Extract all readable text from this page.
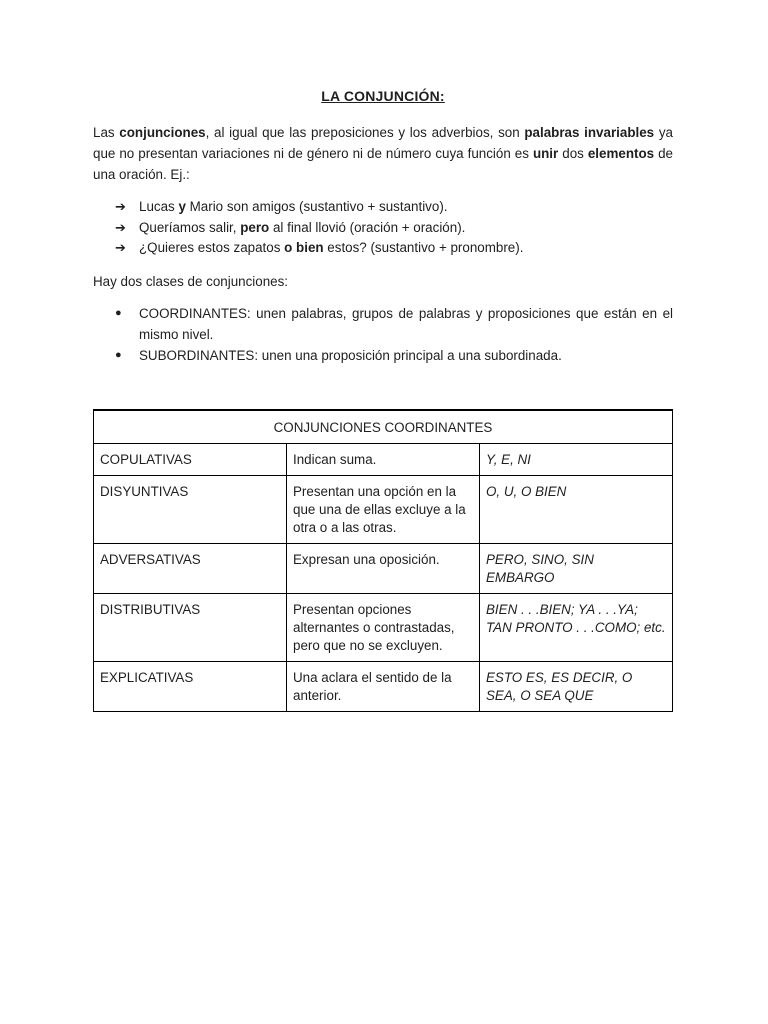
LA CONJUNCIÓN:

Las conjunciones, al igual que las preposiciones y los adverbios, son palabras invariables ya que no presentan variaciones ni de género ni de número cuya función es unir dos elementos de una oración. Ej.:

➔ Lucas y Mario son amigos (sustantivo + sustantivo).
➔ Queríamos salir, pero al final llovió (oración + oración).
➔ ¿Quieres estos zapatos o bien estos? (sustantivo + pronombre).

Hay dos clases de conjunciones:

● COORDINANTES: unen palabras, grupos de palabras y proposiciones que están en el mismo nivel.
● SUBORDINANTES: unen una proposición principal a una subordinada.
CONJUNCIONES COORDINANTES		
COPULATIVAS	Indican suma.	Y, E, NI
DISYUNTIVAS	Presentan una opción en la que una de ellas excluye a la otra o a las otras.	O, U, O BIEN
ADVERSATIVAS	Expresan una oposición.	PERO, SINO, SIN EMBARGO
DISTRIBUTIVAS	Presentan opciones alternantes o contrastadas, pero que no se excluyen.	BIEN . . .BIEN; YA . . .YA; TAN PRONTO . . .COMO; etc.
EXPLICATIVAS	Una aclara el sentido de la anterior.	ESTO ES, ES DECIR, O SEA, O SEA QUE
